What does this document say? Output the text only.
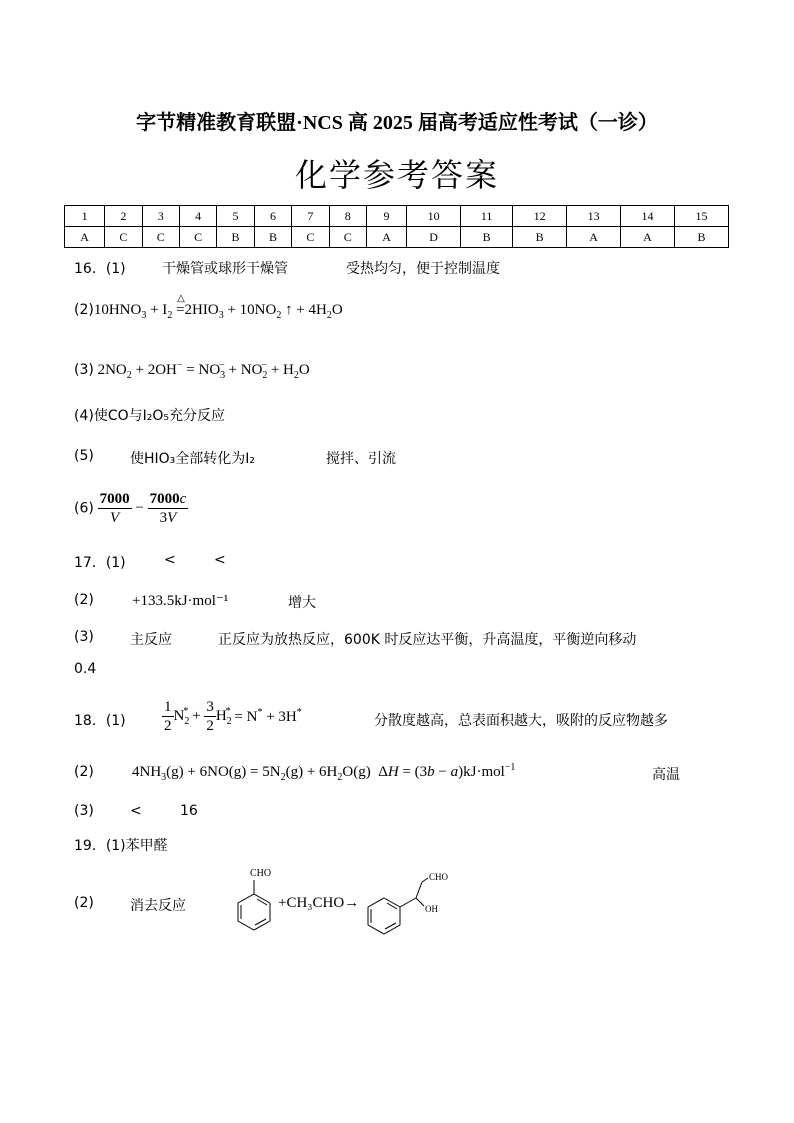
字节精准教育联盟·NCS 高 2025 届高考适应性考试（一诊）
化学参考答案
1	2	3	4	5	6	7	8	9	10	11	12	13	14	15
A	C	C	C	B	B	C	C	A	D	B	B	A	A	B
16．(1)	干燥管或球形干燥管	受热均匀，便于控制温度
$(2)10HNO_3 + I_2$
△
$=2HIO_3 + 10NO_2$ ↑ + $4H_2O$
(3) $2NO_2 + 2OH^- = NO_3^- + NO_2^- + H_2O$
(4)使CO与I₂O₅充分反应
(5)	使HIO₃全部转化为I₂	搅拌、引流
$(6) \frac{7000}{V} - \frac{7000c}{3V}$
17．(1)	<	<
(2)	+133.5kJ·mol⁻¹	增大
(3)	主反应	正反应为放热反应，600K 时反应达平衡，升高温度，平衡逆向移动
0.4
18．$(1) \frac{1}{2} N_2^* + \frac{3}{2} H_2^* = N^* + 3H^*$
分散度越高，总表面积越大，吸附的反应物越多
(2)	$4NH_3(g) + 6NO(g) = 5N_2(g) + 6H_2O(g) \Delta H = (3b - a)kJ\cdot mol^{-1}$	高温
(3)	<	16
19．(1)苯甲醛
(2)	消去反应
CHO
+CH₃CHO→	OH
CHO
